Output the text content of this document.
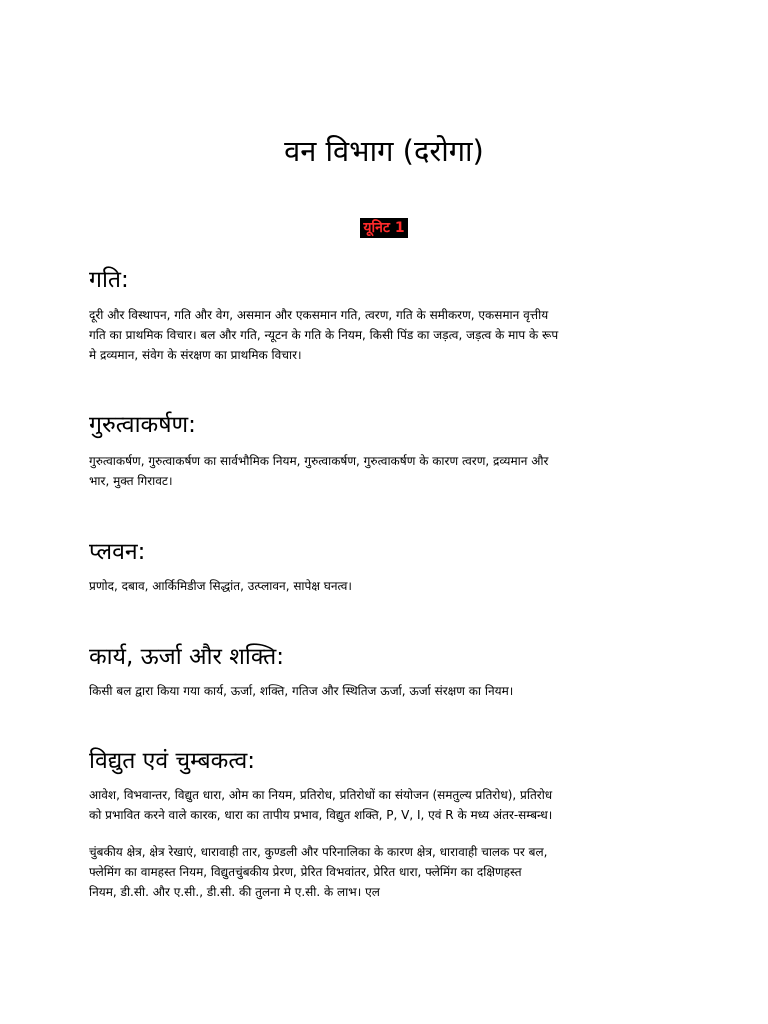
वन विभाग (दरोगा)
यूनिट 1
गति:
दूरी और विस्थापन, गति और वेग, असमान और एकसमान गति, त्वरण, गति के समीकरण, एकसमान वृत्तीय
गति का प्राथमिक विचार। बल और गति, न्यूटन के गति के नियम, किसी पिंड का जड़त्व, जड़त्व के माप के रूप
मे द्रव्यमान, संवेग के संरक्षण का प्राथमिक विचार।
गुरुत्वाकर्षण:
गुरुत्वाकर्षण, गुरुत्वाकर्षण का सार्वभौमिक नियम, गुरुत्वाकर्षण, गुरुत्वाकर्षण के कारण त्वरण, द्रव्यमान और
भार, मुक्त गिरावट।
प्लवन:
प्रणोद, दबाव, आर्किमिडीज सिद्धांत, उत्प्लावन, सापेक्ष घनत्व।
कार्य, ऊर्जा और शक्ति:
किसी बल द्वारा किया गया कार्य, ऊर्जा, शक्ति, गतिज और स्थितिज ऊर्जा, ऊर्जा संरक्षण का नियम।
विद्युत एवं चुम्बकत्व:
आवेश, विभवान्तर, विद्युत धारा, ओम का नियम, प्रतिरोध, प्रतिरोधों का संयोजन (समतुल्य प्रतिरोध), प्रतिरोध
को प्रभावित करने वाले कारक, धारा का तापीय प्रभाव, विद्युत शक्ति, P, V, I, एवं R के मध्य अंतर-सम्बन्ध।
चुंबकीय क्षेत्र, क्षेत्र रेखाएं, धारावाही तार, कुण्डली और परिनालिका के कारण क्षेत्र, धारावाही चालक पर बल,
फ्लेमिंग का वामहस्त नियम, विद्युतचुंबकीय प्रेरण, प्रेरित विभवांतर, प्रेरित धारा, फ्लेमिंग का दक्षिणहस्त
नियम, डी.सी. और ए.सी., डी.सी. की तुलना मे ए.सी. के लाभ। एल
